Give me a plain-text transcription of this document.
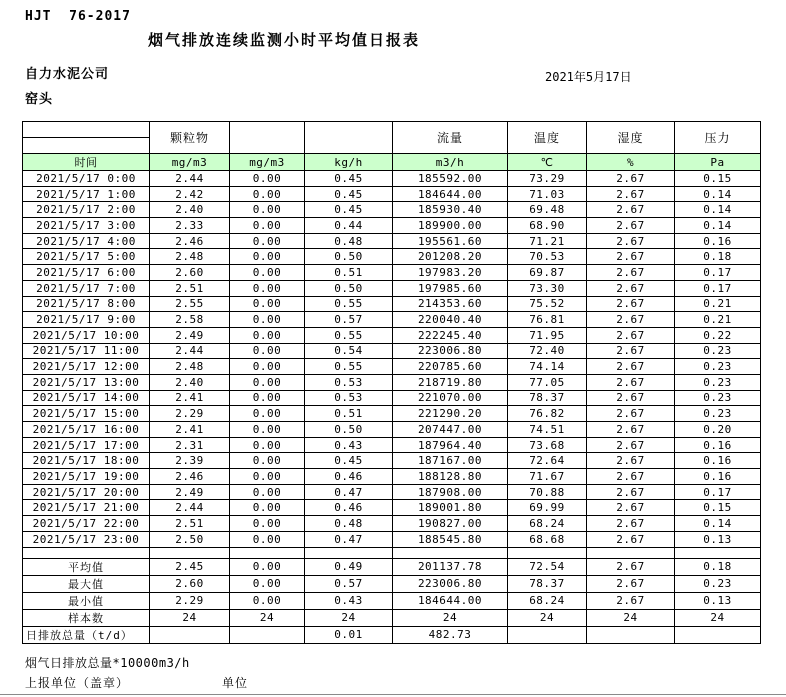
HJT  76-2017
烟气排放连续监测小时平均值日报表
自力水泥公司	2021年5月17日
窑头
	颗粒物			流量	温度	湿度	压力

时间	mg/m3	mg/m3	kg/h	m3/h	℃	%	Pa
2021/5/17 0:00	2.44	0.00	0.45	185592.00	73.29	2.67	0.15
2021/5/17 1:00	2.42	0.00	0.45	184644.00	71.03	2.67	0.14
2021/5/17 2:00	2.40	0.00	0.45	185930.40	69.48	2.67	0.14
2021/5/17 3:00	2.33	0.00	0.44	189900.00	68.90	2.67	0.14
2021/5/17 4:00	2.46	0.00	0.48	195561.60	71.21	2.67	0.16
2021/5/17 5:00	2.48	0.00	0.50	201208.20	70.53	2.67	0.18
2021/5/17 6:00	2.60	0.00	0.51	197983.20	69.87	2.67	0.17
2021/5/17 7:00	2.51	0.00	0.50	197985.60	73.30	2.67	0.17
2021/5/17 8:00	2.55	0.00	0.55	214353.60	75.52	2.67	0.21
2021/5/17 9:00	2.58	0.00	0.57	220040.40	76.81	2.67	0.21
2021/5/17 10:00	2.49	0.00	0.55	222245.40	71.95	2.67	0.22
2021/5/17 11:00	2.44	0.00	0.54	223006.80	72.40	2.67	0.23
2021/5/17 12:00	2.48	0.00	0.55	220785.60	74.14	2.67	0.23
2021/5/17 13:00	2.40	0.00	0.53	218719.80	77.05	2.67	0.23
2021/5/17 14:00	2.41	0.00	0.53	221070.00	78.37	2.67	0.23
2021/5/17 15:00	2.29	0.00	0.51	221290.20	76.82	2.67	0.23
2021/5/17 16:00	2.41	0.00	0.50	207447.00	74.51	2.67	0.20
2021/5/17 17:00	2.31	0.00	0.43	187964.40	73.68	2.67	0.16
2021/5/17 18:00	2.39	0.00	0.45	187167.00	72.64	2.67	0.16
2021/5/17 19:00	2.46	0.00	0.46	188128.80	71.67	2.67	0.16
2021/5/17 20:00	2.49	0.00	0.47	187908.00	70.88	2.67	0.17
2021/5/17 21:00	2.44	0.00	0.46	189001.80	69.99	2.67	0.15
2021/5/17 22:00	2.51	0.00	0.48	190827.00	68.24	2.67	0.14
2021/5/17 23:00	2.50	0.00	0.47	188545.80	68.68	2.67	0.13

平均值	2.45	0.00	0.49	201137.78	72.54	2.67	0.18
最大值	2.60	0.00	0.57	223006.80	78.37	2.67	0.23
最小值	2.29	0.00	0.43	184644.00	68.24	2.67	0.13
样本数	24	24	24	24	24	24	24
日排放总量（t/d）			0.01	482.73			
烟气日排放总量*10000m3/h
上报单位（盖章）	单位
